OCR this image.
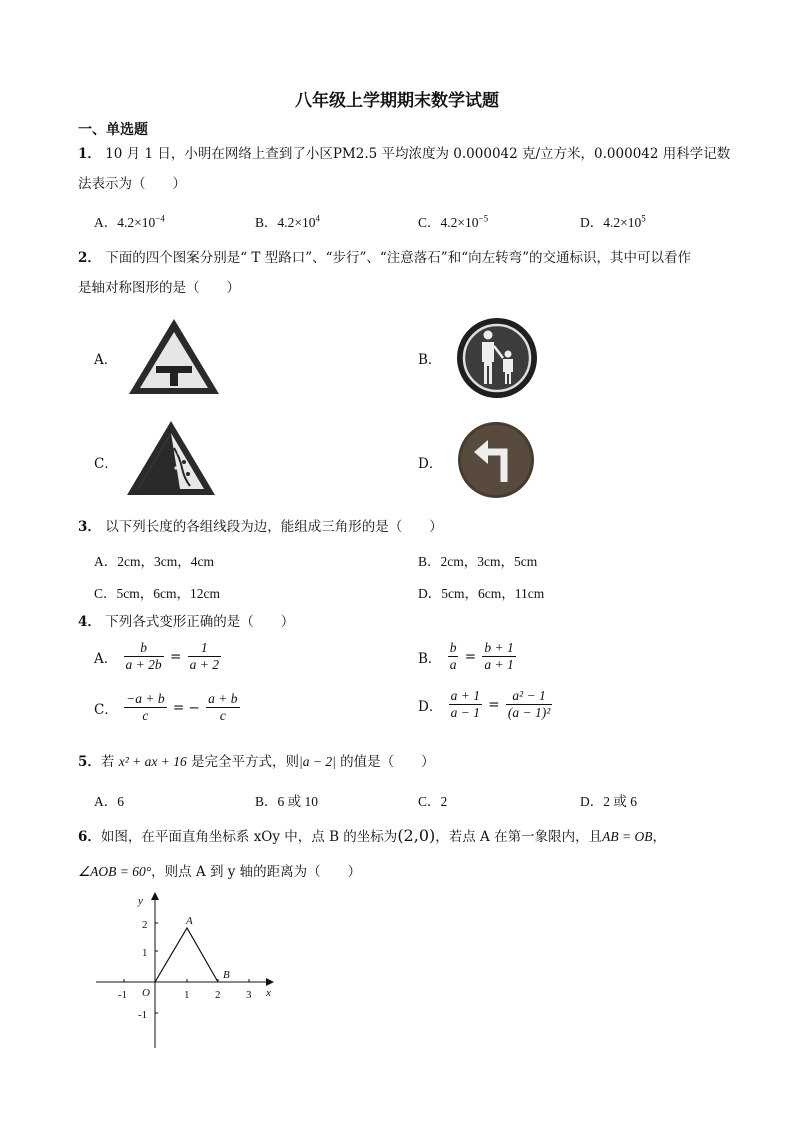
八年级上学期期末数学试题
一、单选题
1． 10 月 1 日，小明在网络上查到了小区PM2.5 平均浓度为 0.000042 克/立方米，0.000042 用科学记数
法表示为（　　）
A．$4.2\times 10^{-4}$	B．$4.2\times 10^4$	C．$4.2\times 10^{-5}$	D．$4.2\times 10^5$
2． 下面的四个图案分别是“ T 型路口”、“步行”、“注意落石”和“向左转弯”的交通标识，其中可以看作
是轴对称图形的是（　　）
A．	B．
C．	D．
3． 以下列长度的各组线段为边，能组成三角形的是（　　）
A．2cm，3cm，4cm	B．2cm，3cm，5cm
C．5cm，6cm，12cm	D．5cm，6cm，11cm
4． 下列各式变形正确的是（　　）
A． $\frac{b}{a + 2b} = \frac{1}{a + 2}$	B． $\frac{b}{a} = \frac{b + 1}{a + 1}$
C． $\frac{-a + b}{c}$ = − $\frac{a + b}{c}$	D． $\frac{a + 1}{a - 1} = \frac{\text{a² − 1}}{\text{(a − 1)²}}$
5．若 x² + ax + 16 是完全平方式，则|a − 2| 的值是（　　）
A．6	B．6 或 10	C．2	D．2 或 6
6．如图，在平面直角坐标系 xOy 中，点 B 的坐标为(2,0)，若点 A 在第一象限内，且AB = OB，
∠AOB = 60°，则点 A 到 y 轴的距离为（　　）
y
x
O
-1	1 2 3
2
1
-1
A
B
